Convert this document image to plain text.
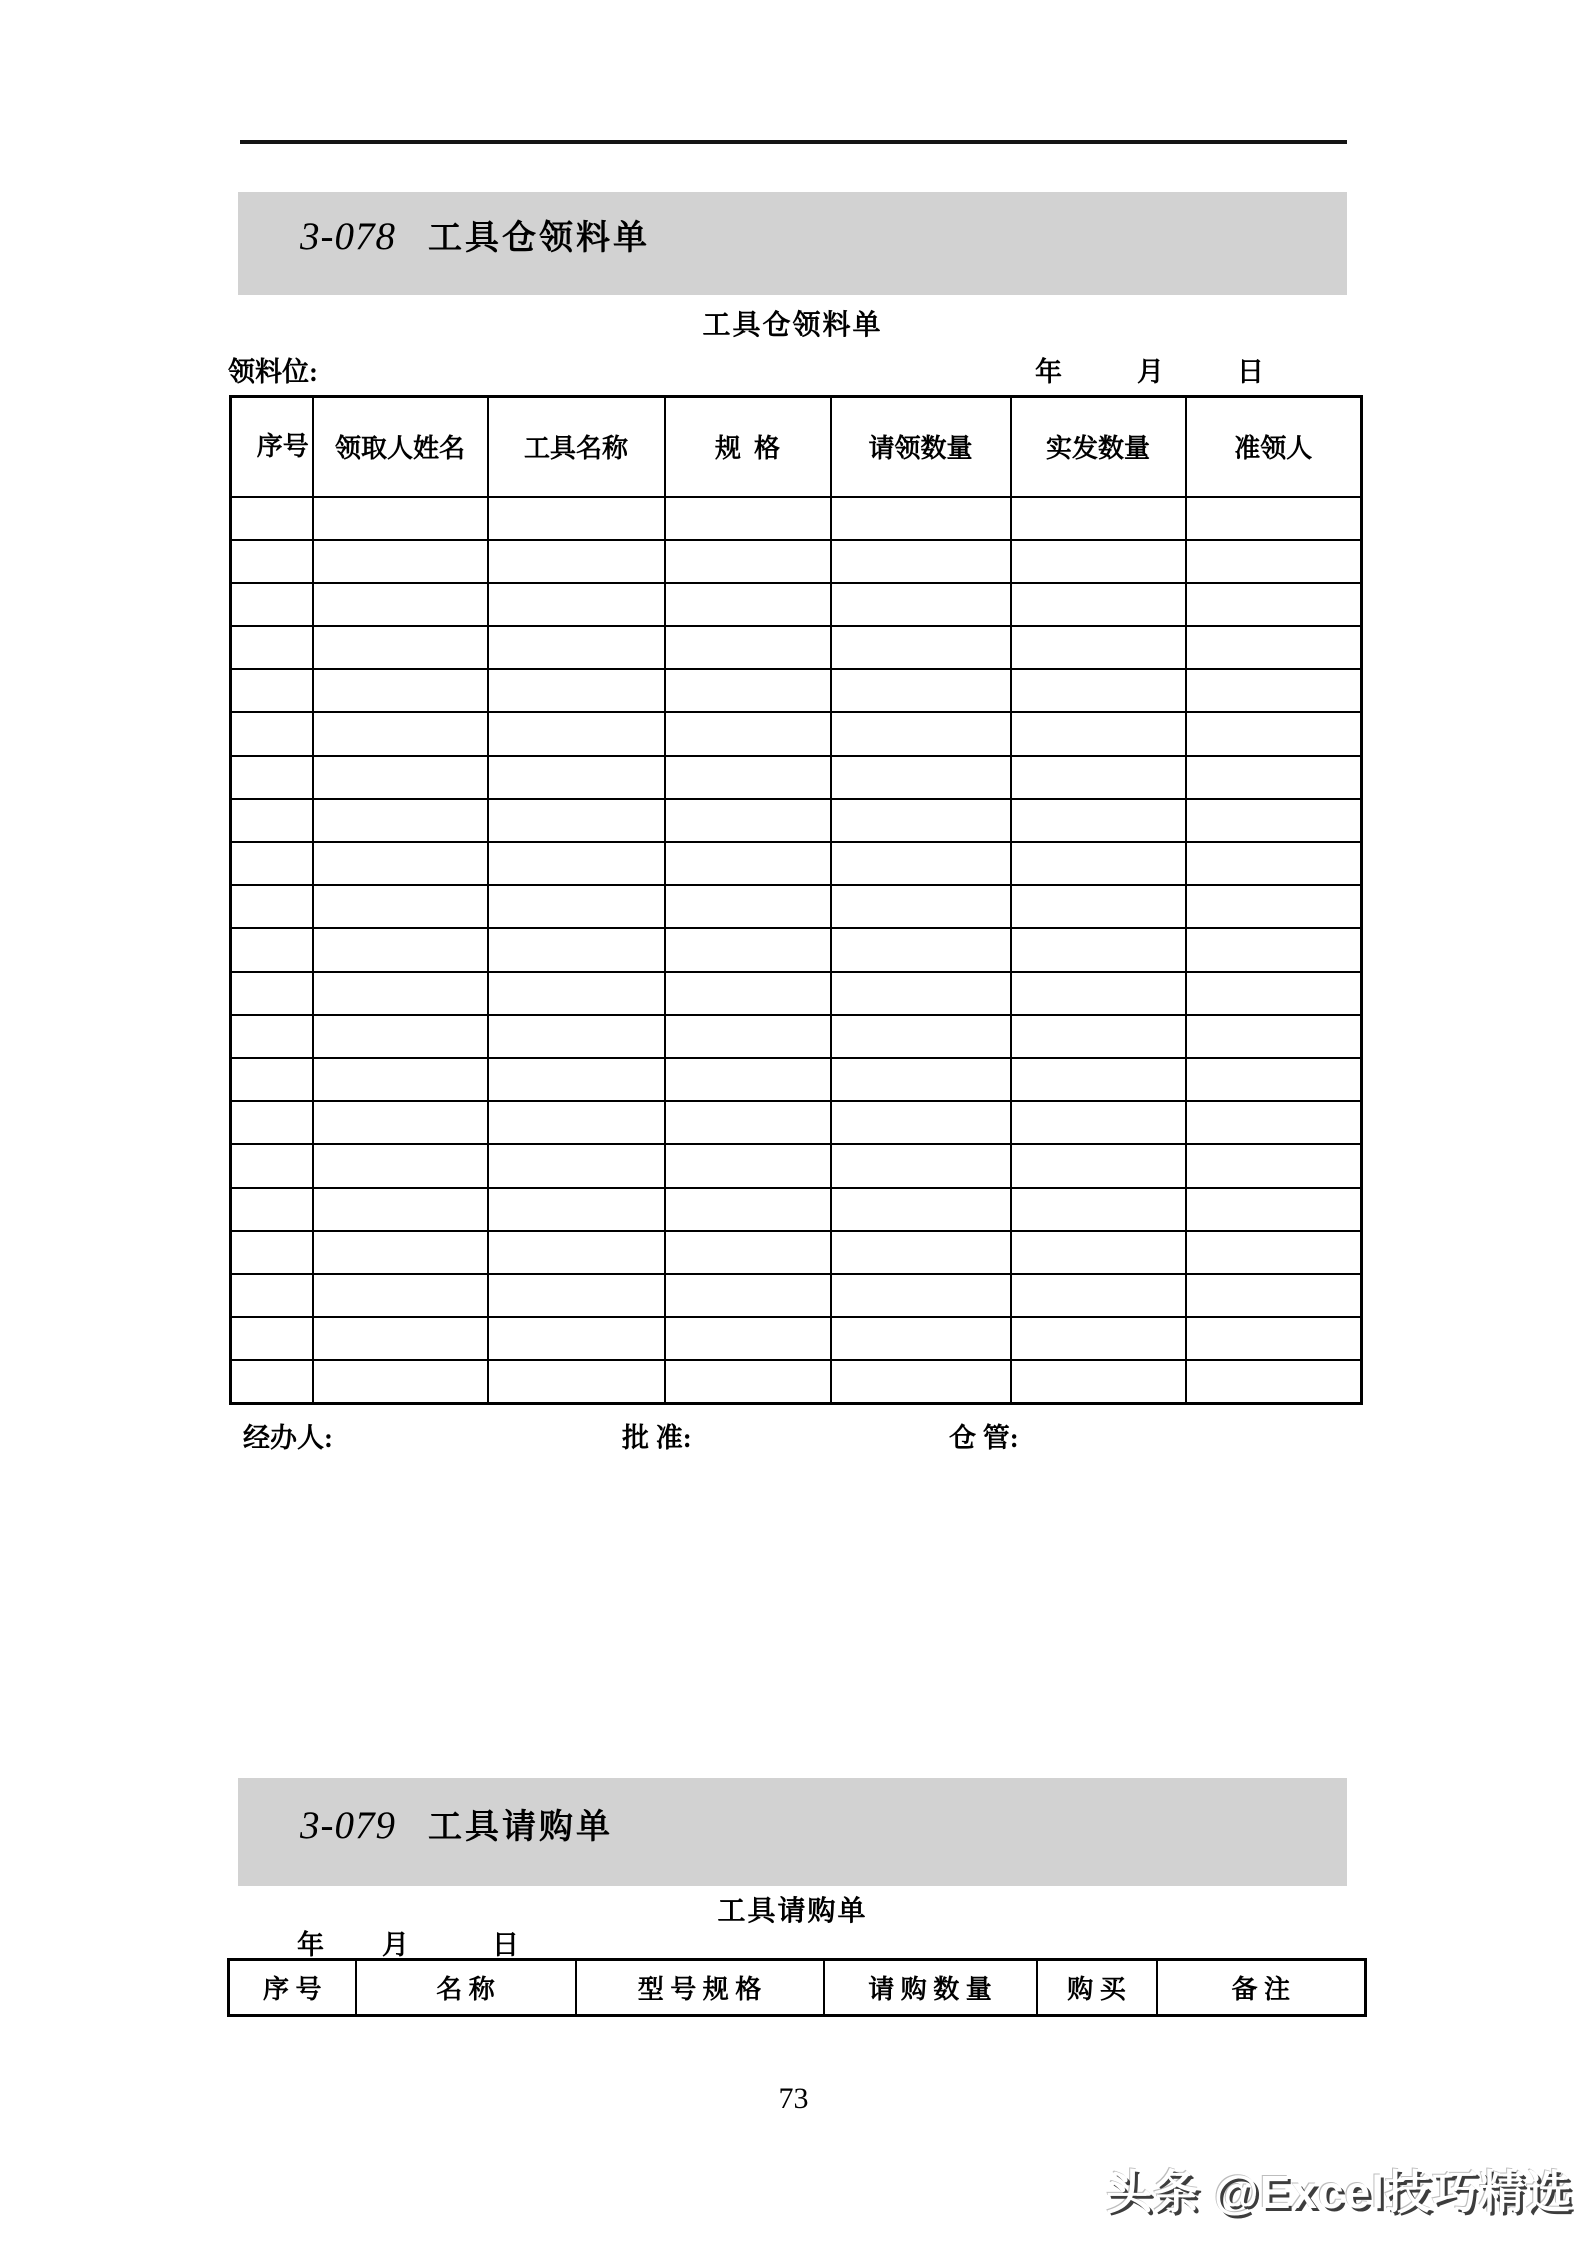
3-078 工具仓领料单
工具仓领料单
领料位:	年	月	日
序号	领取人姓名	工具名称	规  格	请领数量	实发数量	准领人

经办人:	批 准:	仓 管:
3-079 工具请购单
工具请购单
年 月	日
序 号	名 称	型 号 规 格	请 购 数 量	购 买	备 注
73
头条 @Excel技巧精选
